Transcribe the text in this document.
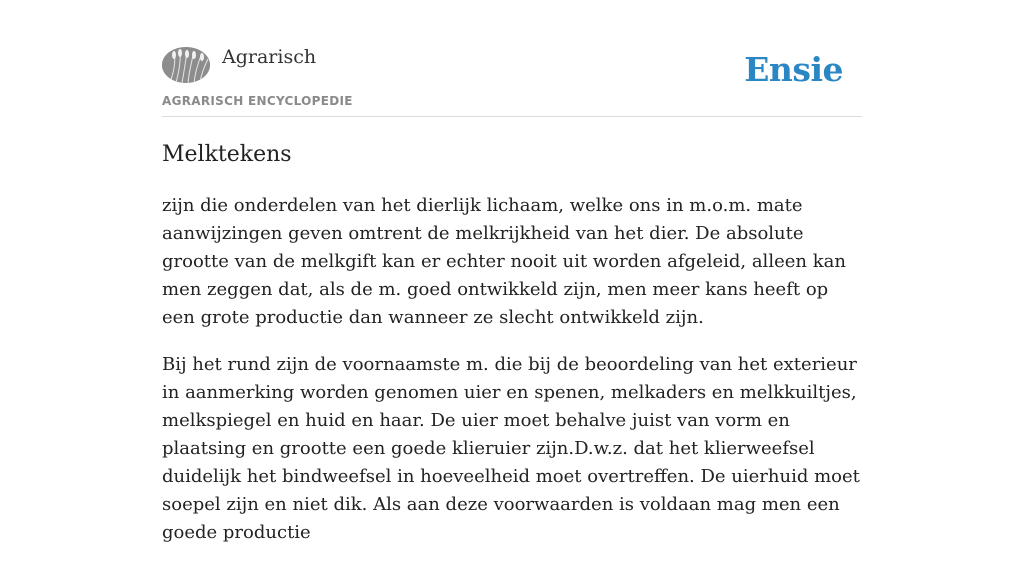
Agrarisch
AGRARISCH ENCYCLOPEDIE
Ensie
Melktekens

zijn die onderdelen van het dierlijk lichaam, welke ons in m.o.m. mate aanwijzingen geven omtrent de melkrijkheid van het dier. De absolute grootte van de melkgift kan er echter nooit uit worden afgeleid, alleen kan men zeggen dat, als de m. goed ontwikkeld zijn, men meer kans heeft op een grote productie dan wanneer ze slecht ontwikkeld zijn.

Bij het rund zijn de voornaamste m. die bij de beoordeling van het exterieur in aanmerking worden genomen uier en spenen, melkaders en melkkuiltjes, melkspiegel en huid en haar. De uier moet behalve juist van vorm en plaatsing en grootte een goede klieruier zijn.D.w.z. dat het klierweefsel duidelijk het bindweefsel in hoeveelheid moet overtreffen. De uierhuid moet soepel zijn en niet dik. Als aan deze voorwaarden is voldaan mag men een goede productie
